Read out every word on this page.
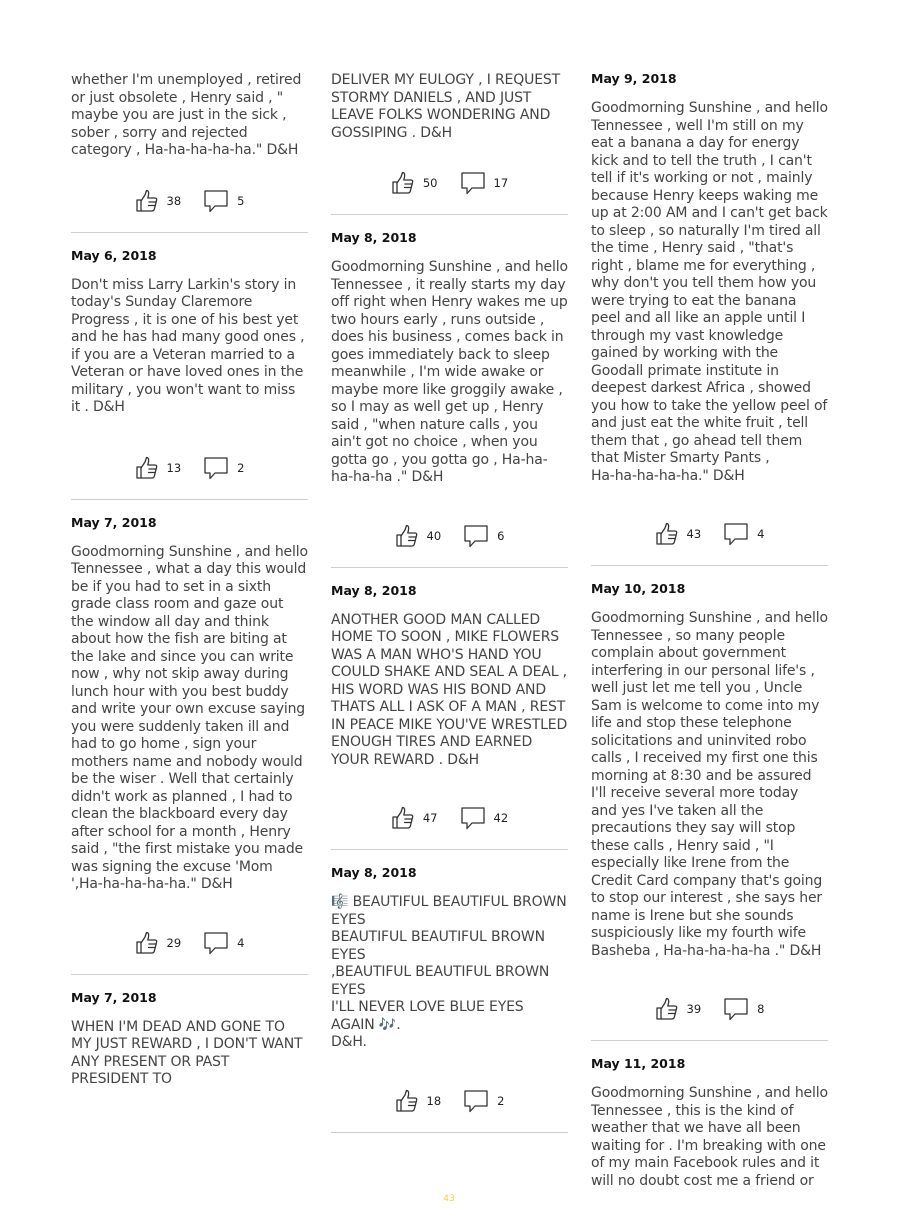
whether I'm unemployed , retired or just obsolete , Henry said , " maybe you are just in the sick , sober , sorry and rejected category , Ha-ha-ha-ha-ha." D&H
38	5
May 6, 2018
Don't miss Larry Larkin's story in today's Sunday Claremore Progress , it is one of his best yet and he has had many good ones , if you are a Veteran married to a Veteran or have loved ones in the military , you won't want to miss it . D&H
13	2
May 7, 2018
Goodmorning Sunshine , and hello Tennessee , what a day this would be if you had to set in a sixth grade class room and gaze out the window all day and think about how the fish are biting at the lake and since you can write now , why not skip away during lunch hour with you best buddy and write your own excuse saying you were suddenly taken ill and had to go home , sign your mothers name and nobody would be the wiser . Well that certainly didn't work as planned , I had to clean the blackboard every day after school for a month , Henry said , "the first mistake you made was signing the excuse 'Mom ',Ha-ha-ha-ha-ha." D&H
29	4
May 7, 2018
WHEN I'M DEAD AND GONE TO MY JUST REWARD , I DON'T WANT ANY PRESENT OR PAST PRESIDENT TO
DELIVER MY EULOGY , I REQUEST STORMY DANIELS , AND JUST LEAVE FOLKS WONDERING AND GOSSIPING . D&H
50	17
May 8, 2018
Goodmorning Sunshine , and hello Tennessee , it really starts my day off right when Henry wakes me up two hours early , runs outside , does his business , comes back in goes immediately back to sleep meanwhile , I'm wide awake or maybe more like groggily awake , so I may as well get up , Henry said , "when nature calls , you ain't got no choice , when you gotta go , you gotta go , Ha-ha-ha-ha-ha ." D&H
40	6
May 8, 2018
ANOTHER GOOD MAN CALLED HOME TO SOON , MIKE FLOWERS WAS A MAN WHO'S HAND YOU COULD SHAKE AND SEAL A DEAL , HIS WORD WAS HIS BOND AND THATS ALL I ASK OF A MAN , REST IN PEACE MIKE YOU'VE WRESTLED ENOUGH TIRES AND EARNED YOUR REWARD . D&H
47	42
May 8, 2018
🎼 BEAUTIFUL BEAUTIFUL BROWN EYES
BEAUTIFUL BEAUTIFUL BROWN EYES
,BEAUTIFUL BEAUTIFUL BROWN EYES
I'LL NEVER LOVE BLUE EYES AGAIN 🎶.
D&H.
18	2
May 9, 2018
Goodmorning Sunshine , and hello Tennessee , well I'm still on my eat a banana a day for energy kick and to tell the truth , I can't tell if it's working or not , mainly because Henry keeps waking me up at 2:00 AM and I can't get back to sleep , so naturally I'm tired all the time , Henry said , "that's right , blame me for everything , why don't you tell them how you were trying to eat the banana peel and all like an apple until I through my vast knowledge gained by working with the Goodall primate institute in deepest darkest Africa , showed you how to take the yellow peel of and just eat the white fruit , tell them that , go ahead tell them that Mister Smarty Pants ,
Ha-ha-ha-ha-ha." D&H
43	4
May 10, 2018
Goodmorning Sunshine , and hello Tennessee , so many people complain about government interfering in our personal life's , well just let me tell you , Uncle Sam is welcome to come into my life and stop these telephone solicitations and uninvited robo calls , I received my first one this morning at 8:30 and be assured I'll receive several more today and yes I've taken all the precautions they say will stop these calls , Henry said , "I especially like Irene from the Credit Card company that's going to stop our interest , she says her name is Irene but she sounds suspiciously like my fourth wife Basheba , Ha-ha-ha-ha-ha ." D&H
39	8
May 11, 2018
Goodmorning Sunshine , and hello Tennessee , this is the kind of weather that we have all been waiting for . I'm breaking with one of my main Facebook rules and it will no doubt cost me a friend or
43
